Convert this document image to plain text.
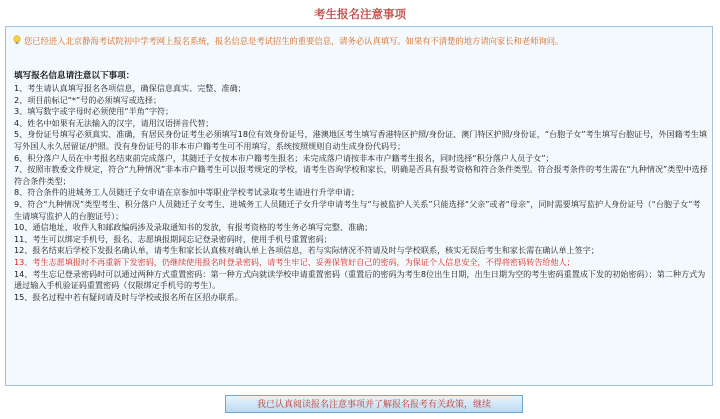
考生报名注意事项
您已经进入北京静海考试院初中学考网上报名系统，报名信息是考试招生的重要信息，请务必认真填写。如果有不清楚的地方请向家长和老师询问。
填写报名信息请注意以下事项：
1、考生请认真填写报名各项信息，确保信息真实、完整、准确；
2、项目前标记“*”号的必须填写或选择；
3、填写数字或字母时必须使用“半角”字符；
4、姓名中如果有无法输入的汉字，请用汉语拼音代替；
5、身份证号填写必须真实、准确，有居民身份证考生必须填写18位有效身份证号，港澳地区考生填写香港特区护照/身份证、澳门特区护照/身份证，“台胞子女”考生填写台胞证号，外国籍考生填写外国人永久居留证/护照。没有身份证号的非本市户籍考生可不用填写，系统按照规则自动生成身份代码号；
6、积分落户人员在中考报名结束前完成落户，其随迁子女按本市户籍考生报名；未完成落户请按非本市户籍考生报名，同时选择“积分落户人员子女”；
7、按照市教委文件规定，符合“九种情况”非本市户籍考生可以报考规定的学校，请考生咨询学校和家长，明确是否具有报考资格和符合条件类型。符合报考条件的考生需在“九种情况”类型中选择符合条件类型；
8、符合条件的进城务工人员随迁子女申请在京参加中等职业学校考试录取考生请进行升学申请；
9、符合“九种情况”类型考生、积分落户人员随迁子女考生、进城务工人员随迁子女升学申请考生与“与被监护人关系”只能选择“父亲”或者“母亲”，同时需要填写监护人身份证号（“台胞子女”考生请填写监护人的台胞证号）；
10、通信地址、收件人和邮政编码涉及录取通知书的发放，有报考资格的考生务必填写完整、准确；
11、考生可以绑定手机号，报名、志愿填报期间忘记登录密码时，使用手机号重置密码；
12、报名结束后学校下发报名确认单，请考生和家长认真核对确认单上各项信息，若与实际情况不符请及时与学校联系，核实无误后考生和家长需在确认单上签字；
13、考生志愿填报时不再重新下发密码，仍继续使用报名时登录密码，请考生牢记、妥善保管好自己的密码，为保证个人信息安全，不得将密码转告给他人；
14、考生忘记登录密码时可以通过两种方式重置密码：第一种方式向就读学校申请重置密码（重置后的密码为考生8位出生日期，出生日期为空的考生密码重置成下发的初始密码）；第二种方式为通过输入手机验证码重置密码（仅限绑定手机号的考生）。
15、报名过程中若有疑问请及时与学校或报名所在区招办联系。
我已认真阅读报名注意事项并了解报名报考有关政策，继续
